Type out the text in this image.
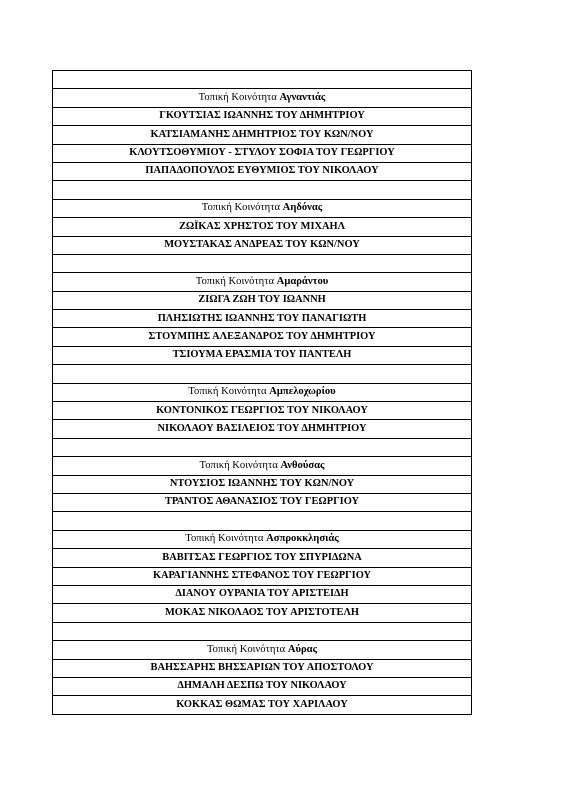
Τοπική Κοινότητα Αγναντιάς
ΓΚΟΥΤΣΙΑΣ ΙΩΑΝΝΗΣ ΤΟΥ ΔΗΜΗΤΡΙΟΥ
ΚΑΤΣΙΑΜΑΝΗΣ ΔΗΜΗΤΡΙΟΣ ΤΟΥ ΚΩΝ/ΝΟΥ
ΚΛΟΥΤΣΟΘΥΜΙΟΥ - ΣΤΥΛΟΥ ΣΟΦΙΑ ΤΟΥ ΓΕΩΡΓΙΟΥ
ΠΑΠΑΔΟΠΟΥΛΟΣ ΕΥΘΥΜΙΟΣ ΤΟΥ ΝΙΚΟΛΑΟΥ

Τοπική Κοινότητα Αηδόνας
ΖΩΪΚΑΣ ΧΡΗΣΤΟΣ ΤΟΥ ΜΙΧΑΗΛ
ΜΟΥΣΤΑΚΑΣ ΑΝΔΡΕΑΣ ΤΟΥ ΚΩΝ/ΝΟΥ

Τοπική Κοινότητα Αμαράντου
ΖΙΩΓΑ ΖΩΗ ΤΟΥ ΙΩΑΝΝΗ
ΠΛΗΣΙΩΤΗΣ ΙΩΑΝΝΗΣ ΤΟΥ ΠΑΝΑΓΙΩΤΗ
ΣΤΟΥΜΠΗΣ ΑΛΕΞΑΝΔΡΟΣ ΤΟΥ ΔΗΜΗΤΡΙΟΥ
ΤΣΙΟΥΜΑ ΕΡΑΣΜΙΑ ΤΟΥ ΠΑΝΤΕΛΗ

Τοπική Κοινότητα Αμπελοχωρίου
ΚΟΝΤΟΝΙΚΟΣ ΓΕΩΡΓΙΟΣ ΤΟΥ ΝΙΚΟΛΑΟΥ
ΝΙΚΟΛΑΟΥ ΒΑΣΙΛΕΙΟΣ ΤΟΥ ΔΗΜΗΤΡΙΟΥ

Τοπική Κοινότητα Ανθούσας
ΝΤΟΥΣΙΟΣ ΙΩΑΝΝΗΣ ΤΟΥ ΚΩΝ/ΝΟΥ
ΤΡΑΝΤΟΣ ΑΘΑΝΑΣΙΟΣ ΤΟΥ ΓΕΩΡΓΙΟΥ

Τοπική Κοινότητα Ασπροκκλησιάς
ΒΑΒΙΤΣΑΣ ΓΕΩΡΓΙΟΣ ΤΟΥ ΣΠΥΡΙΔΩΝΑ
ΚΑΡΑΓΙΑΝΝΗΣ ΣΤΕΦΑΝΟΣ ΤΟΥ ΓΕΩΡΓΙΟΥ
ΔΙΑΝΟΥ ΟΥΡΑΝΙΑ ΤΟΥ ΑΡΙΣΤΕΙΔΗ
ΜΟΚΑΣ ΝΙΚΟΛΑΟΣ ΤΟΥ ΑΡΙΣΤΟΤΕΛΗ

Τοπική Κοινότητα Αύρας
ΒΑΗΣΣΑΡΗΣ ΒΗΣΣΑΡΙΩΝ ΤΟΥ ΑΠΟΣΤΟΛΟΥ
ΔΗΜΑΛΗ ΔΕΣΠΩ ΤΟΥ ΝΙΚΟΛΑΟΥ
ΚΟΚΚΑΣ ΘΩΜΑΣ ΤΟΥ ΧΑΡΙΛΑΟΥ
